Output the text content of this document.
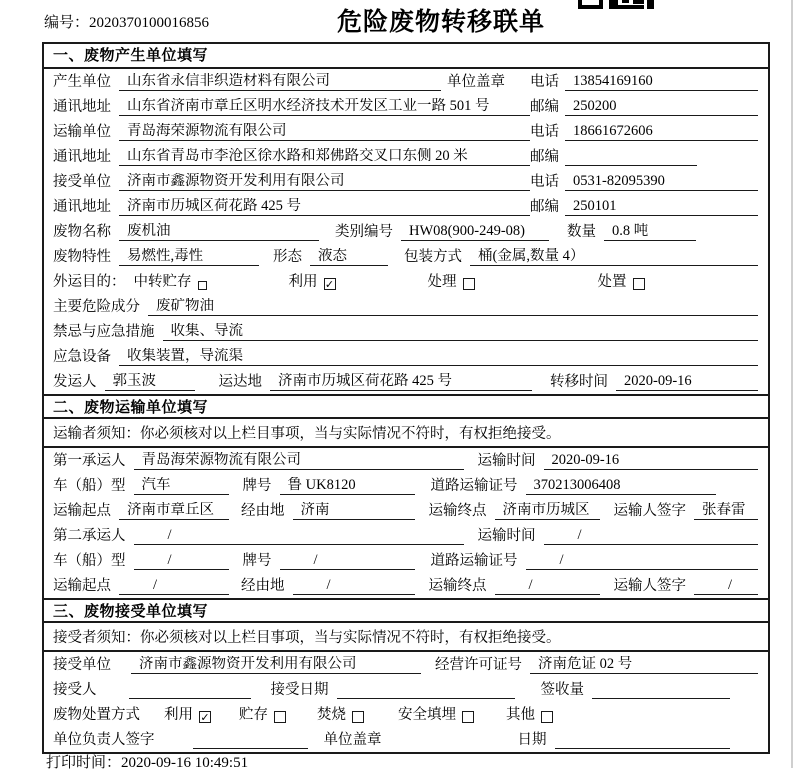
编号：2020370100016856	危险废物转移联单
一、废物产生单位填写
产生单位	山东省永信非织造材料有限公司	单位盖章 电话 13854169160
通讯地址	山东省济南市章丘区明水经济技术开发区工业一路 501 号	邮编 250200
运输单位	青岛海荣源物流有限公司	电话 18661672606
通讯地址	山东省青岛市李沧区徐水路和郑佛路交叉口东侧 20 米	邮编
接受单位	济南市鑫源物资开发利用有限公司	电话 0531-82095390
通讯地址	济南市历城区荷花路 425 号	邮编 250101
废物名称	废机油	类别编号	HW08(900-249-08)	数量	0.8 吨
废物特性	易燃性,毒性	形态	液态	包装方式	桶(金属,数量 4）
外运目的： 中转贮存	利用 ✓	处理	处置
主要危险成分	废矿物油
禁忌与应急措施	收集、导流
应急设备	收集装置，导流渠
发运人	郭玉波	运达地	济南市历城区荷花路 425 号	转移时间	2020-09-16
二、废物运输单位填写
运输者须知：你必须核对以上栏目事项，当与实际情况不符时，有权拒绝接受。
第一承运人	青岛海荣源物流有限公司	运输时间	2020-09-16
车（船）型	汽车	牌号	鲁 UK8120	道路运输证号	370213006408
运输起点	济南市章丘区	经由地	济南	运输终点	济南市历城区	运输人签字	张春雷
第二承运人	/	运输时间	/
车（船）型	/	牌号	/	道路运输证号	/
运输起点	/	经由地	/	运输终点	/	运输人签字	/
三、废物接受单位填写
接受者须知：你必须核对以上栏目事项，当与实际情况不符时，有权拒绝接受。
接受单位	济南市鑫源物资开发利用有限公司	经营许可证号	济南危证 02 号
接受人	接受日期	签收量
废物处置方式 利用 ✓ 贮存	焚烧	安全填埋	其他
单位负责人签字	单位盖章	日期
打印时间：2020-09-16 10:49:51
